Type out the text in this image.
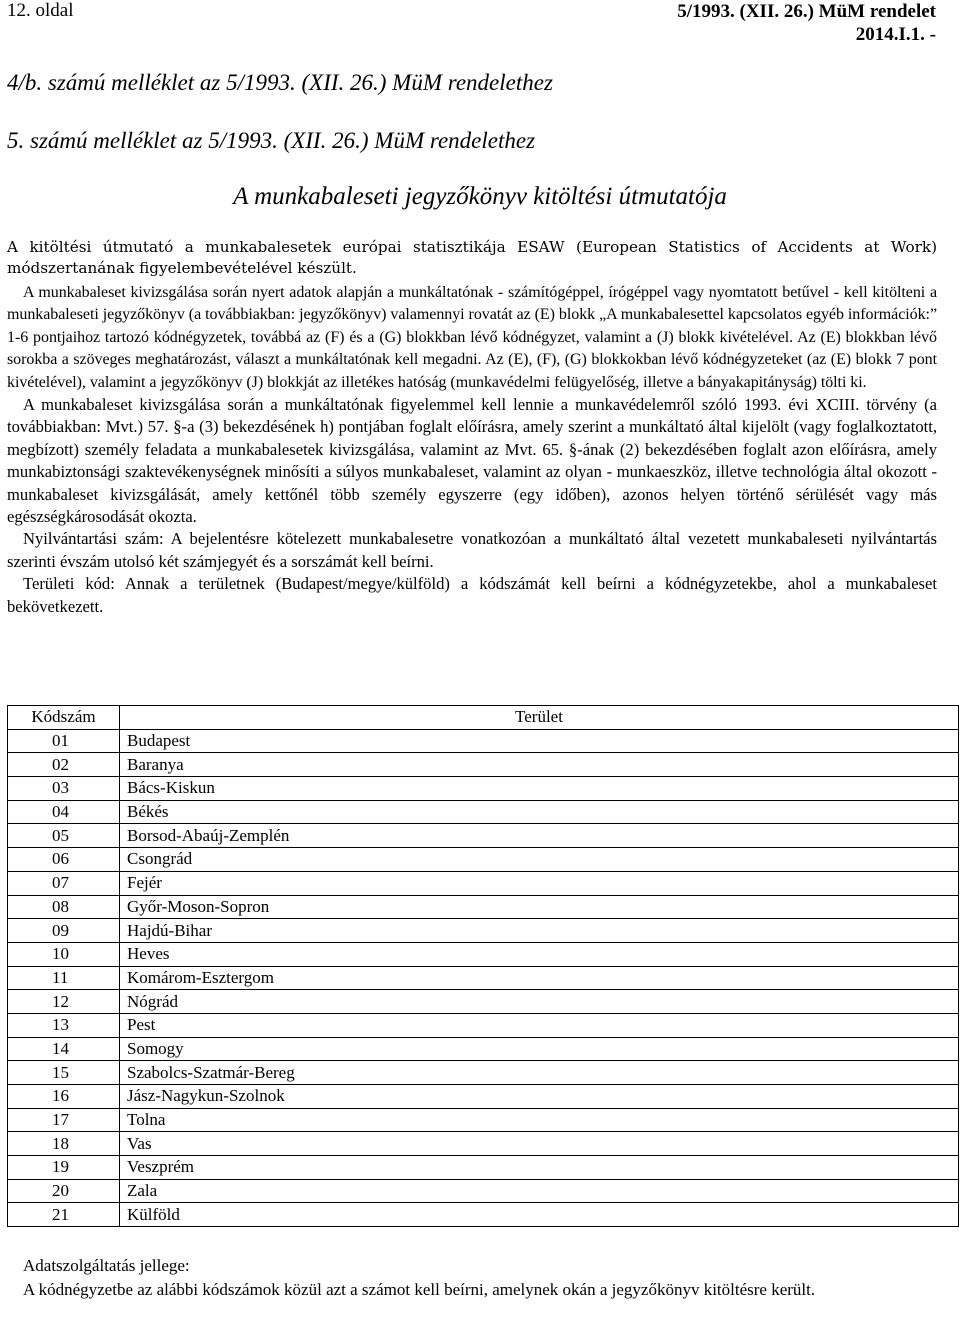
12. oldal	5/1993. (XII. 26.) MüM rendelet
2014.I.1. -
4/b. számú melléklet az 5/1993. (XII. 26.) MüM rendelethez
5. számú melléklet az 5/1993. (XII. 26.) MüM rendelethez
A munkabaleseti jegyzőkönyv kitöltési útmutatója
A kitöltési útmutató a munkabalesetek európai statisztikája ESAW (European Statistics of Accidents at Work) módszertanának figyelembevételével készült.

A munkabaleset kivizsgálása során nyert adatok alapján a munkáltatónak - számítógéppel, írógéppel vagy nyomtatott betűvel - kell kitölteni a munkabaleseti jegyzőkönyv (a továbbiakban: jegyzőkönyv) valamennyi rovatát az (E) blokk „A munkabalesettel kapcsolatos egyéb információk:” 1-6 pontjaihoz tartozó kódnégyzetek, továbbá az (F) és a (G) blokkban lévő kódnégyzet, valamint a (J) blokk kivételével. Az (E) blokkban lévő sorokba a szöveges meghatározást, választ a munkáltatónak kell megadni. Az (E), (F), (G) blokkokban lévő kódnégyzeteket (az (E) blokk 7 pont kivételével), valamint a jegyzőkönyv (J) blokkját az illetékes hatóság (munkavédelmi felügyelőség, illetve a bányakapitányság) tölti ki.

A munkabaleset kivizsgálása során a munkáltatónak figyelemmel kell lennie a munkavédelemről szóló 1993. évi XCIII. törvény (a továbbiakban: Mvt.) 57. §-a (3) bekezdésének h) pontjában foglalt előírásra, amely szerint a munkáltató által kijelölt (vagy foglalkoztatott, megbízott) személy feladata a munkabalesetek kivizsgálása, valamint az Mvt. 65. §-ának (2) bekezdésében foglalt azon előírásra, amely munkabiztonsági szaktevékenységnek minősíti a súlyos munkabaleset, valamint az olyan - munkaeszköz, illetve technológia által okozott - munkabaleset kivizsgálását, amely kettőnél több személy egyszerre (egy időben), azonos helyen történő sérülését vagy más egészségkárosodását okozta.

Nyilvántartási szám: A bejelentésre kötelezett munkabalesetre vonatkozóan a munkáltató által vezetett munkabaleseti nyilvántartás szerinti évszám utolsó két számjegyét és a sorszámát kell beírni.

Területi kód: Annak a területnek (Budapest/megye/külföld) a kódszámát kell beírni a kódnégyzetekbe, ahol a munkabaleset bekövetkezett.

Kódszám	Terület
01	Budapest
02	Baranya
03	Bács-Kiskun
04	Békés
05	Borsod-Abaúj-Zemplén
06	Csongrád
07	Fejér
08	Győr-Moson-Sopron
09	Hajdú-Bihar
10	Heves
11	Komárom-Esztergom
12	Nógrád
13	Pest
14	Somogy
15	Szabolcs-Szatmár-Bereg
16	Jász-Nagykun-Szolnok
17	Tolna
18	Vas
19	Veszprém
20	Zala
21	Külföld
Adatszolgáltatás jellege:
A kódnégyzetbe az alábbi kódszámok közül azt a számot kell beírni, amelynek okán a jegyzőkönyv kitöltésre került.
